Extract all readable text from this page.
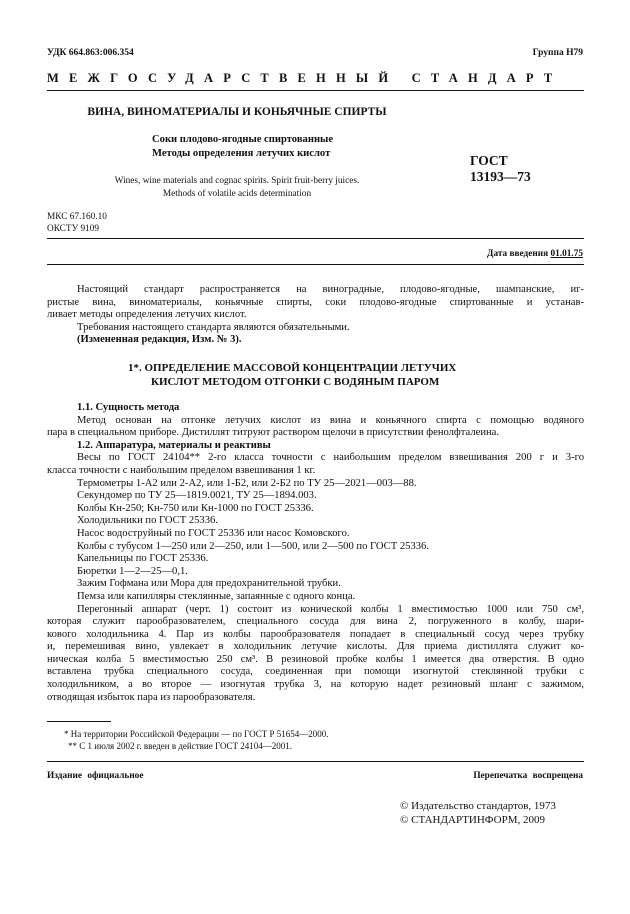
УДК 664.863:006.354	Группа Н79
МЕЖГОСУДАРСТВЕННЫЙ СТАНДАРТ
ВИНА, ВИНОМАТЕРИАЛЫ И КОНЬЯЧНЫЕ СПИРТЫ
Соки плодово-ягодные спиртованные
Методы определения летучих кислот
Wines, wine materials and cognac spirits. Spirit fruit-berry juices.
Methods of volatile acids determination
ГОСТ
13193—73
МКС 67.160.10
ОКСТУ 9109
Дата введения 01.01.75
Настоящий стандарт распространяется на виноградные, плодово-ягодные, шампанские, иг-
ристые вина, виноматериалы, коньячные спирты, соки плодово-ягодные спиртованные и устанав-
ливает методы определения летучих кислот.
Требования настоящего стандарта являются обязательными.
(Измененная редакция, Изм. № 3).
1*. ОПРЕДЕЛЕНИЕ МАССОВОЙ КОНЦЕНТРАЦИИ ЛЕТУЧИХ
КИСЛОТ МЕТОДОМ ОТГОНКИ С ВОДЯНЫМ ПАРОМ
1.1. Сущность метода
Метод основан на отгонке летучих кислот из вина и коньячного спирта с помощью водяного
пара в специальном приборе. Дистиллят титруют раствором щелочи в присутствии фенолфталеина.
1.2. Аппаратура, материалы и реактивы
Весы по ГОСТ 24104** 2-го класса точности с наибольшим пределом взвешивания 200 г и 3-го
класса точности с наибольшим пределом взвешивания 1 кг.
Термометры 1-А2 или 2-А2, или 1-Б2, или 2-Б2 по ТУ 25—2021—003—88.
Секундомер по ТУ 25—1819.0021, ТУ 25—1894.003.
Колбы Кн-250; Кн-750 или Кн-1000 по ГОСТ 25336.
Холодильники по ГОСТ 25336.
Насос водоструйный по ГОСТ 25336 или насос Комовского.
Колбы с тубусом 1—250 или 2—250, или 1—500, или 2—500 по ГОСТ 25336.
Капельницы по ГОСТ 25336.
Бюретки 1—2—25—0,1.
Зажим Гофмана или Мора для предохранительной трубки.
Пемза или капилляры стеклянные, запаянные с одного конца.
Перегонный аппарат (черт. 1) состоит из конической колбы 1 вместимостью 1000 или 750 см³,
которая служит парообразователем, специального сосуда для вина 2, погруженного в колбу, шари-
кового холодильника 4. Пар из колбы парообразователя попадает в специальный сосуд через трубку
и, перемешивая вино, увлекает в холодильник летучие кислоты. Для приема дистиллята служит ко-
ническая колба 5 вместимостью 250 см³. В резиновой пробке колбы 1 имеется два отверстия. В одно
вставлена трубка специального сосуда, соединенная при помощи изогнутой стеклянной трубки с
холодильником, а во второе — изогнутая трубка 3, на которую надет резиновый шланг с зажимом,
отводящая избыток пара из парообразователя.
* На территории Российской Федерации — по ГОСТ Р 51654—2000.
** С 1 июля 2002 г. введен в действие ГОСТ 24104—2001.
Издание официальное	Перепечатка воспрещена
© Издательство стандартов, 1973
© СТАНДАРТИНФОРМ, 2009
